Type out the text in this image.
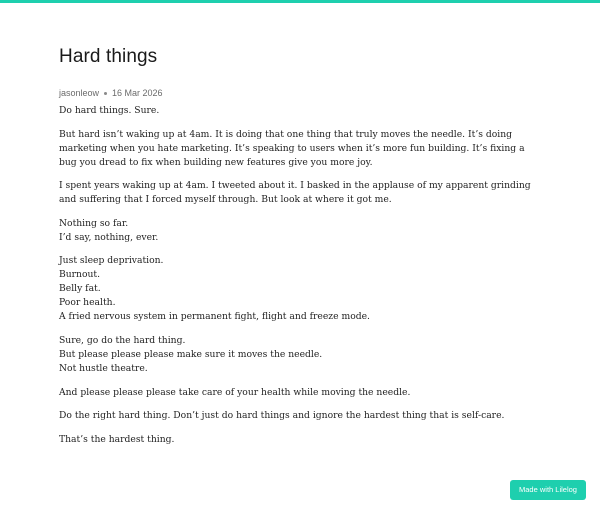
Hard things
jasonleow 16 Mar 2026

Do hard things. Sure.

But hard isn’t waking up at 4am. It is doing that one thing that truly moves the needle. It’s doing marketing when you hate marketing. It’s speaking to users when it’s more fun building. It’s fixing a bug you dread to fix when building new features give you more joy.

I spent years waking up at 4am. I tweeted about it. I basked in the applause of my apparent grinding and suffering that I forced myself through. But look at where it got me.

Nothing so far.
I’d say, nothing, ever.

Just sleep deprivation.
Burnout.
Belly fat.
Poor health.
A fried nervous system in permanent fight, flight and freeze mode.

Sure, go do the hard thing.
But please please please make sure it moves the needle.
Not hustle theatre.

And please please please take care of your health while moving the needle.

Do the right hard thing. Don’t just do hard things and ignore the hardest thing that is self-care.

That’s the hardest thing.

Made with Lilelog
